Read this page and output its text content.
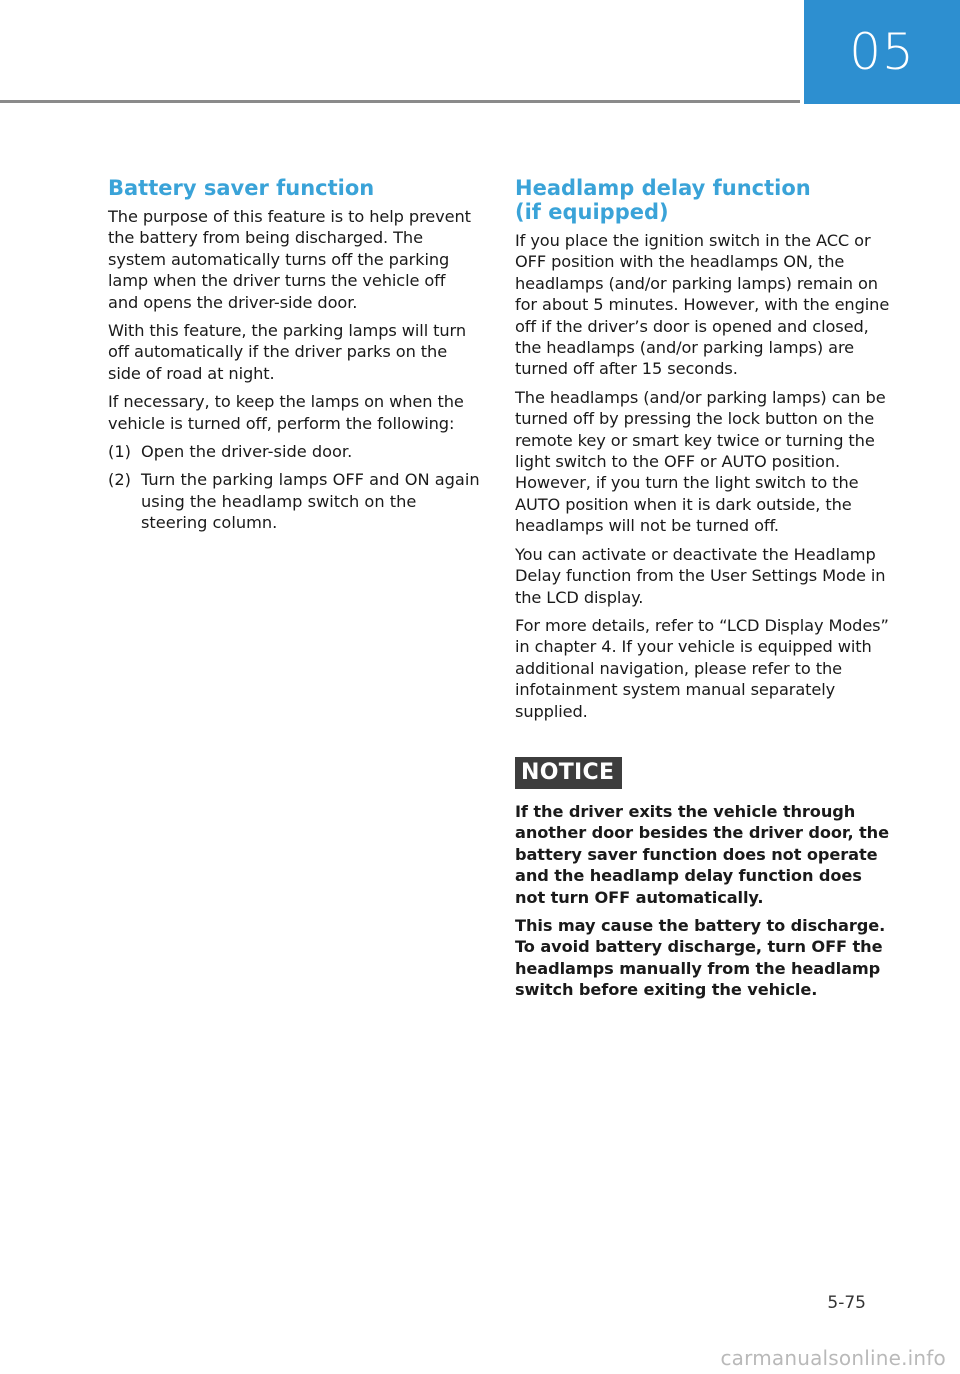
05
Battery saver function

The purpose of this feature is to help prevent the battery from being discharged. The system automatically turns off the parking lamp when the driver turns the vehicle off and opens the driver-side door.

With this feature, the parking lamps will turn off automatically if the driver parks on the side of road at night.

If necessary, to keep the lamps on when the vehicle is turned off, perform the following:

(1) Open the driver-side door.
(2) Turn the parking lamps OFF and ON again using the headlamp switch on the steering column.
Headlamp delay function
(if equipped)

If you place the ignition switch in the ACC or OFF position with the headlamps ON, the headlamps (and/or parking lamps) remain on for about 5 minutes. However, with the engine off if the driver’s door is opened and closed, the headlamps (and/or parking lamps) are turned off after 15 seconds.

The headlamps (and/or parking lamps) can be turned off by pressing the lock button on the remote key or smart key twice or turning the light switch to the OFF or AUTO position. However, if you turn the light switch to the AUTO position when it is dark outside, the headlamps will not be turned off.

You can activate or deactivate the Headlamp Delay function from the User Settings Mode in the LCD display.

For more details, refer to “LCD Display Modes” in chapter 4. If your vehicle is equipped with additional navigation, please refer to the infotainment system manual separately supplied.

NOTICE

If the driver exits the vehicle through another door besides the driver door, the battery saver function does not operate and the headlamp delay function does not turn OFF automatically.

This may cause the battery to discharge. To avoid battery discharge, turn OFF the headlamps manually from the headlamp switch before exiting the vehicle.

5-75
carmanualsonline.info
